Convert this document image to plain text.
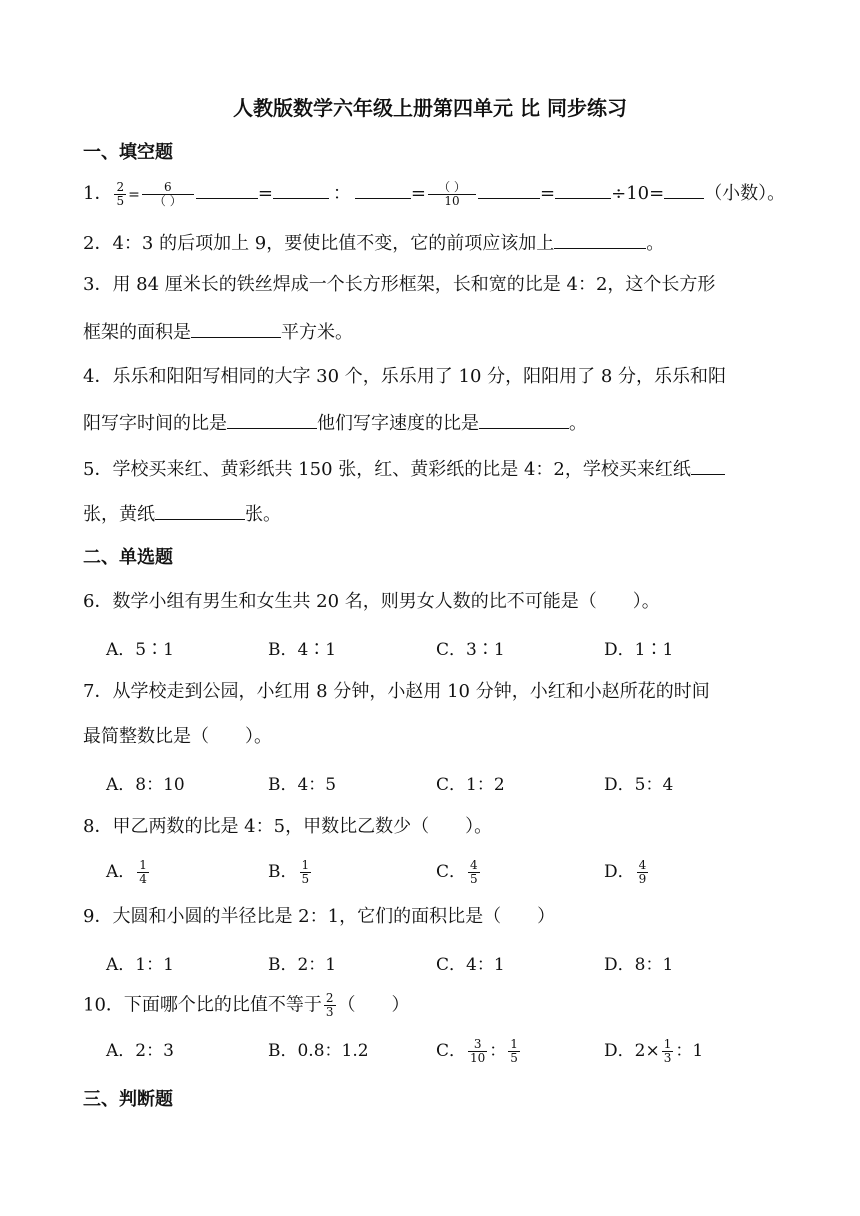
人教版数学六年级上册第四单元 比 同步练习
一、填空题
1． $\frac{2}{5} = \frac{6}{( )}$	=	：	= $\frac{( )}{10}$	=	÷10= （小数）。
2．4：3 的后项加上 9，要使比值不变，它的前项应该加上	。
3．用 84 厘米长的铁丝焊成一个长方形框架，长和宽的比是 4：2，这个长方形
框架的面积是	平方米。
4．乐乐和阳阳写相同的大字 30 个，乐乐用了 10 分，阳阳用了 8 分，乐乐和阳
阳写字时间的比是	他们写字速度的比是	。
5．学校买来红、黄彩纸共 150 张，红、黄彩纸的比是 4：2，学校买来红纸
张，黄纸	张。
二、单选题
6．数学小组有男生和女生共 20 名，则男女人数的比不可能是（　　）。
A．5∶1	B．4∶1	C．3∶1	D．1∶1
7．从学校走到公园，小红用 8 分钟，小赵用 10 分钟，小红和小赵所花的时间
最简整数比是（　　）。
A．8：10	B．4：5	C．1：2	D．5：4
8．甲乙两数的比是 4：5，甲数比乙数少（　　）。
A． $\frac{1}{4}$	B． $\frac{1}{5}$	C． $\frac{4}{5}$	D． $\frac{4}{9}$
9．大圆和小圆的半径比是 2：1，它们的面积比是（　　）
A．1：1	B．2：1	C．4：1	D．8：1
10．下面哪个比的比值不等于 $\frac{2}{3}$ （　　）
A．2：3	B．0.8：1.2	C． $\frac{3}{10}$ ： $\frac{1}{5}$	D．$2\times \frac{1}{3}$ ：1
三、判断题
